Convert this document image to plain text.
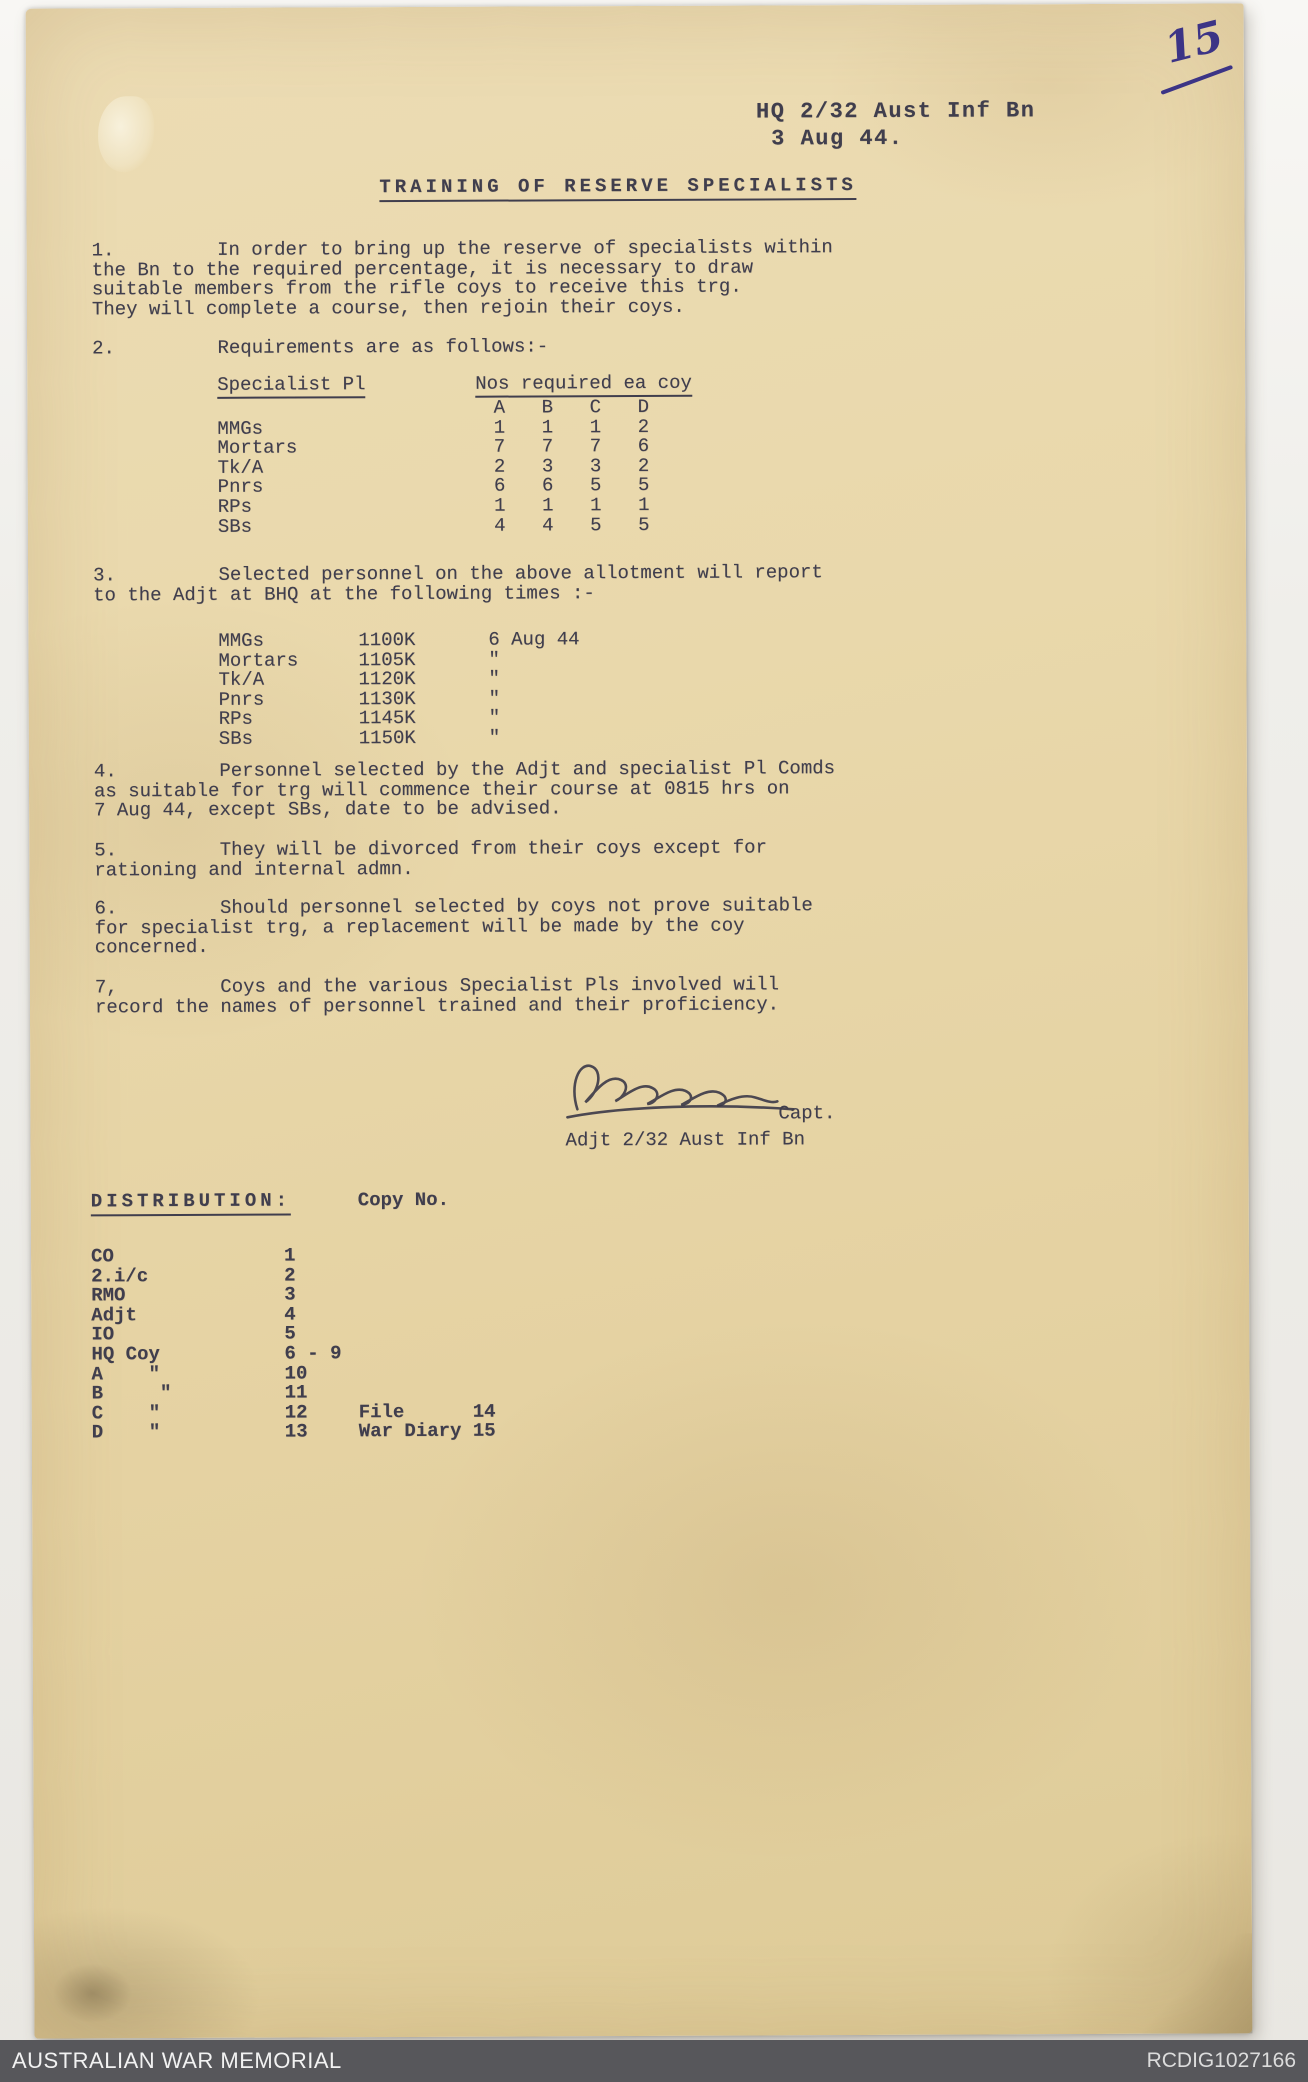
15
HQ 2/32 Aust Inf Bn
3 Aug 44.
TRAINING OF RESERVE SPECIALISTS
1.         In order to bring up the reserve of specialists within
the Bn to the required percentage, it is necessary to draw
suitable members from the rifle coys to receive this trg.
They will complete a course, then rejoin their coys.
2.         Requirements are as follows:-
Specialist Pl	Nos required ea coy
A	B	C	D
MMGs	1	1	1	2
Mortars	7	7	7	6
Tk/A	2	3	3	2
Pnrs	6	6	5	5
RPs	1	1	1	1
SBs	4	4	5	5
3.         Selected personnel on the above allotment will report
to the Adjt at BHQ at the following times :-
MMGs	1100K	6 Aug 44
Mortars	1105K	"
Tk/A	1120K	"
Pnrs	1130K	"
RPs	1145K	"
SBs	1150K	"
4.         Personnel selected by the Adjt and specialist Pl Comds
as suitable for trg will commence their course at 0815 hrs on
7 Aug 44, except SBs, date to be advised.
5.         They will be divorced from their coys except for
rationing and internal admn.
6.         Should personnel selected by coys not prove suitable
for specialist trg, a replacement will be made by the coy
concerned.
7,         Coys and the various Specialist Pls involved will
record the names of personnel trained and their proficiency.
Capt.
Adjt 2/32 Aust Inf Bn
DISTRIBUTION:	Copy No.
CO	1
2.i/c	2
RMO	3
Adjt	4
IO	5
HQ Coy	6 - 9
A    "	10
B     "	11
C    "	12	File      14
D    "	13	War Diary 15
AUSTRALIAN WAR MEMORIAL	RCDIG1027166
